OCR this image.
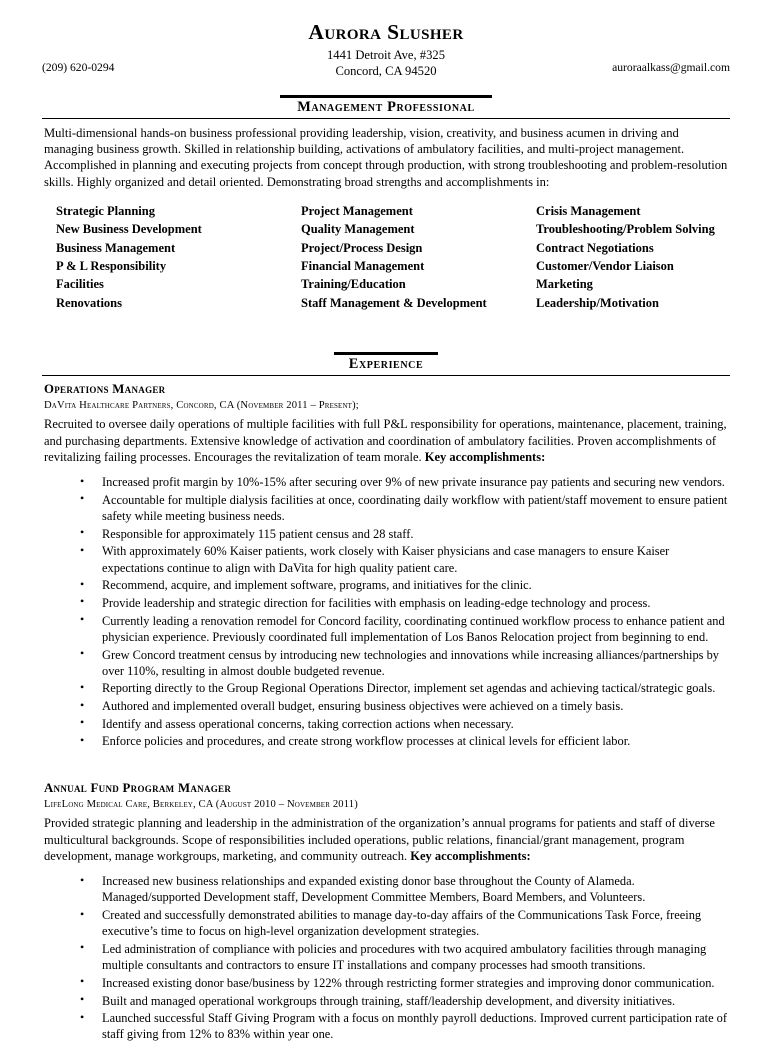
Aurora Slusher
1441 Detroit Ave, #325
Concord, CA 94520
(209) 620-0294	auroraalkass@gmail.com
Management Professional
Multi-dimensional hands-on business professional providing leadership, vision, creativity, and business acumen in driving and managing business growth. Skilled in relationship building, activations of ambulatory facilities, and multi-project management. Accomplished in planning and executing projects from concept through production, with strong troubleshooting and problem-resolution skills. Highly organized and detail oriented. Demonstrating broad strengths and accomplishments in:
Strategic Planning	Project Management	Crisis Management
New Business Development	Quality Management	Troubleshooting/Problem Solving
Business Management	Project/Process Design	Contract Negotiations
P & L Responsibility	Financial Management	Customer/Vendor Liaison
Facilities	Training/Education	Marketing
Renovations	Staff Management & Development	Leadership/Motivation
Experience
Operations Manager
DaVita Healthcare Partners, Concord, CA (November 2011 – Present);
Recruited to oversee daily operations of multiple facilities with full P&L responsibility for operations, maintenance, placement, training, and purchasing departments. Extensive knowledge of activation and coordination of ambulatory facilities. Proven accomplishments of revitalizing failing processes. Encourages the revitalization of team morale. Key accomplishments:
• Increased profit margin by 10%-15% after securing over 9% of new private insurance pay patients and securing new vendors.
• Accountable for multiple dialysis facilities at once, coordinating daily workflow with patient/staff movement to ensure patient safety while meeting business needs.
• Responsible for approximately 115 patient census and 28 staff.
• With approximately 60% Kaiser patients, work closely with Kaiser physicians and case managers to ensure Kaiser expectations continue to align with DaVita for high quality patient care.
• Recommend, acquire, and implement software, programs, and initiatives for the clinic.
• Provide leadership and strategic direction for facilities with emphasis on leading-edge technology and process.
• Currently leading a renovation remodel for Concord facility, coordinating continued workflow process to enhance patient and physician experience. Previously coordinated full implementation of Los Banos Relocation project from beginning to end.
• Grew Concord treatment census by introducing new technologies and innovations while increasing alliances/partnerships by over 110%, resulting in almost double budgeted revenue.
• Reporting directly to the Group Regional Operations Director, implement set agendas and achieving tactical/strategic goals.
• Authored and implemented overall budget, ensuring business objectives were achieved on a timely basis.
• Identify and assess operational concerns, taking correction actions when necessary.
• Enforce policies and procedures, and create strong workflow processes at clinical levels for efficient labor.
Annual Fund Program Manager
LifeLong Medical Care, Berkeley, CA (August 2010 – November 2011)
Provided strategic planning and leadership in the administration of the organization’s annual programs for patients and staff of diverse multicultural backgrounds. Scope of responsibilities included operations, public relations, financial/grant management, program development, manage workgroups, marketing, and community outreach. Key accomplishments:
• Increased new business relationships and expanded existing donor base throughout the County of Alameda. Managed/supported Development staff, Development Committee Members, Board Members, and Volunteers.
• Created and successfully demonstrated abilities to manage day-to-day affairs of the Communications Task Force, freeing executive’s time to focus on high-level organization development strategies.
• Led administration of compliance with policies and procedures with two acquired ambulatory facilities through managing multiple consultants and contractors to ensure IT installations and company processes had smooth transitions.
• Increased existing donor base/business by 122% through restricting former strategies and improving donor communication.
• Built and managed operational workgroups through training, staff/leadership development, and diversity initiatives.
• Launched successful Staff Giving Program with a focus on monthly payroll deductions. Improved current participation rate of staff giving from 12% to 83% within year one.
